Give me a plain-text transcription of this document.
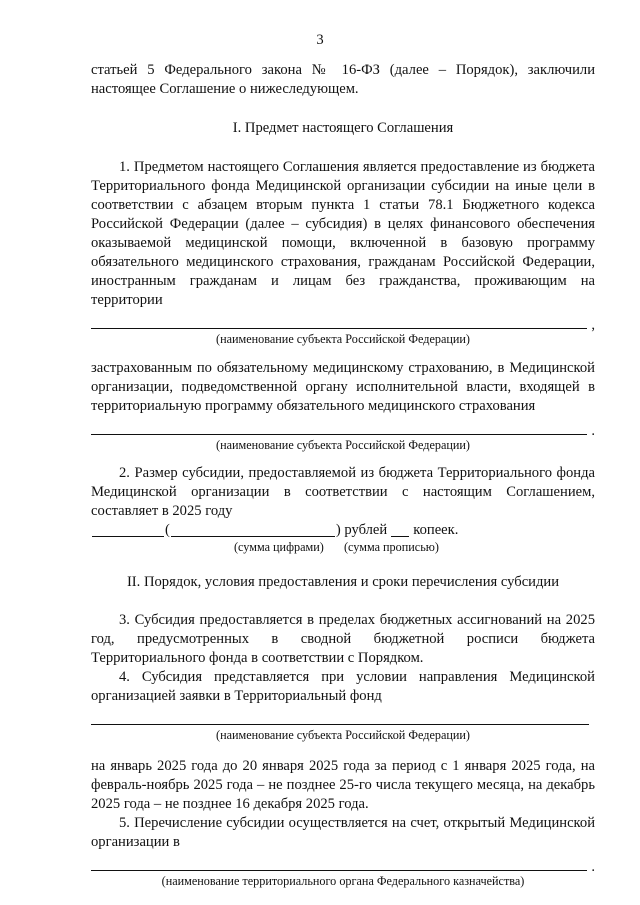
3

статьей 5 Федерального закона № 16-ФЗ (далее – Порядок), заключили настоящее Соглашение о нижеследующем.

I. Предмет настоящего Соглашения

1. Предметом настоящего Соглашения является предоставление из бюджета Территориального фонда Медицинской организации субсидии на иные цели в соответствии с абзацем вторым пункта 1 статьи 78.1 Бюджетного кодекса Российской Федерации (далее – субсидия) в целях финансового обеспечения оказываемой медицинской помощи, включенной в базовую программу обязательного медицинского страхования, гражданам Российской Федерации, иностранным гражданам и лицам без гражданства, проживающим на территории

,
(наименование субъекта Российской Федерации)

застрахованным по обязательному медицинскому страхованию, в Медицинской организации, подведомственной органу исполнительной власти, входящей в территориальную программу обязательного медицинского страхования

.
(наименование субъекта Российской Федерации)

2. Размер субсидии, предоставляемой из бюджета Территориального фонда Медицинской организации в соответствии с настоящим Соглашением, составляет в 2025 году

(	) рублей копеек.
(сумма цифрами) (сумма прописью)

II. Порядок, условия предоставления и сроки перечисления субсидии

3. Субсидия предоставляется в пределах бюджетных ассигнований на 2025 год, предусмотренных в сводной бюджетной росписи бюджета Территориального фонда в соответствии с Порядком.

4. Субсидия представляется при условии направления Медицинской организацией заявки в Территориальный фонд

(наименование субъекта Российской Федерации)

на январь 2025 года до 20 января 2025 года за период с 1 января 2025 года, на февраль-ноябрь 2025 года – не позднее 25-го числа текущего месяца, на декабрь 2025 года – не позднее 16 декабря 2025 года.

5. Перечисление субсидии осуществляется на счет, открытый Медицинской организации в

.
(наименование территориального органа Федерального казначейства)
